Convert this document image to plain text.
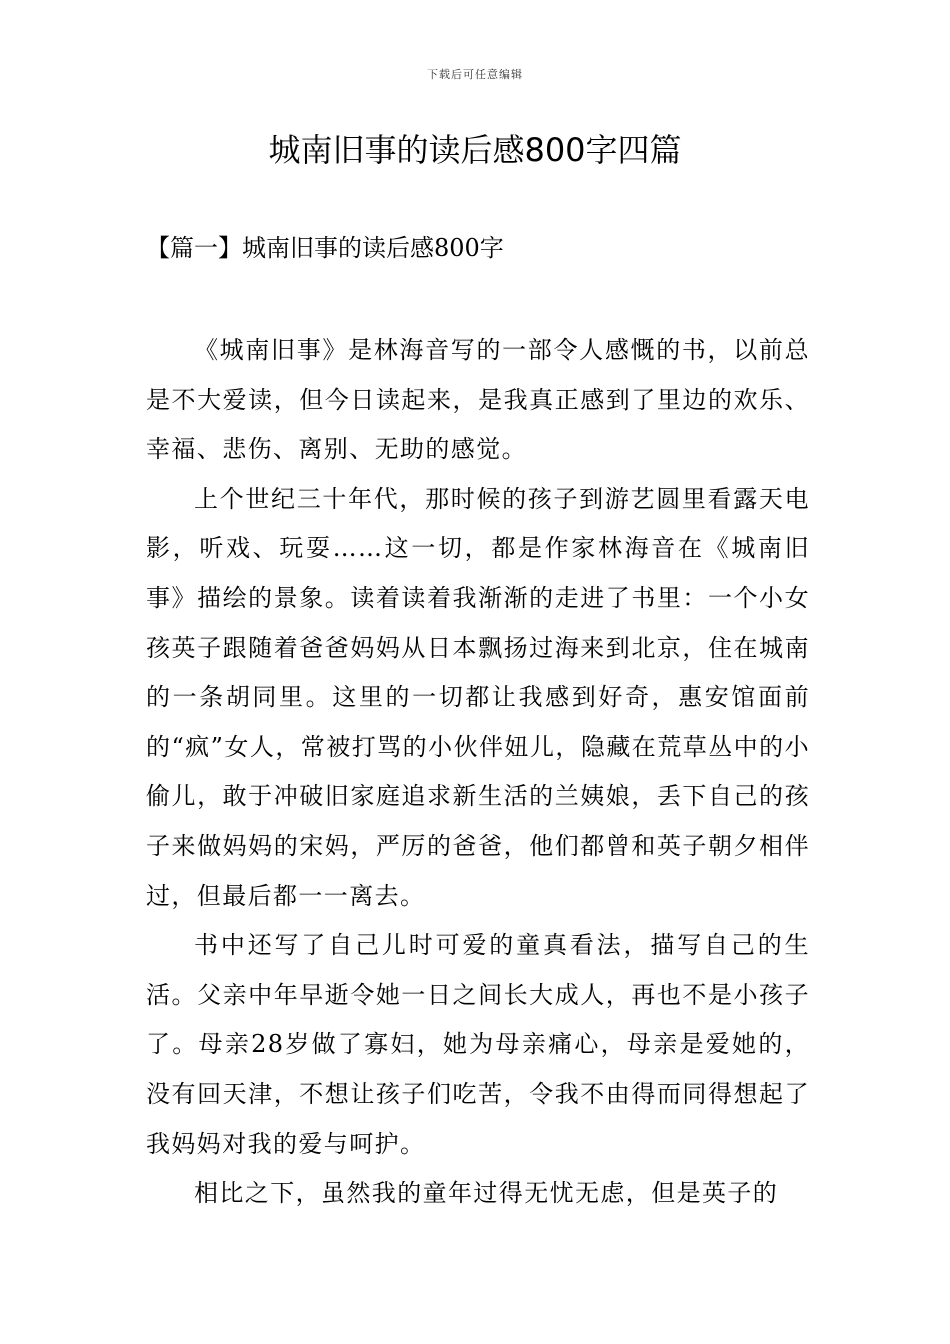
下载后可任意编辑
城南旧事的读后感800字四篇
【篇一】城南旧事的读后感800字

《城南旧事》是林海音写的一部令人感慨的书，以前总是不大爱读，但今日读起来，是我真正感到了里边的欢乐、幸福、悲伤、离别、无助的感觉。

上个世纪三十年代，那时候的孩子到游艺圆里看露天电影，听戏、玩耍……这一切，都是作家林海音在《城南旧事》描绘的景象。读着读着我渐渐的走进了书里：一个小女孩英子跟随着爸爸妈妈从日本飘扬过海来到北京，住在城南的一条胡同里。这里的一切都让我感到好奇，惠安馆面前的“疯”女人，常被打骂的小伙伴妞儿，隐藏在荒草丛中的小偷儿，敢于冲破旧家庭追求新生活的兰姨娘，丢下自己的孩子来做妈妈的宋妈，严厉的爸爸，他们都曾和英子朝夕相伴过，但最后都一一离去。

书中还写了自己儿时可爱的童真看法，描写自己的生活。父亲中年早逝令她一日之间长大成人，再也不是小孩子了。母亲28岁做了寡妇，她为母亲痛心，母亲是爱她的，没有回天津，不想让孩子们吃苦，令我不由得而同得想起了我妈妈对我的爱与呵护。

相比之下，虽然我的童年过得无忧无虑，但是英子的
